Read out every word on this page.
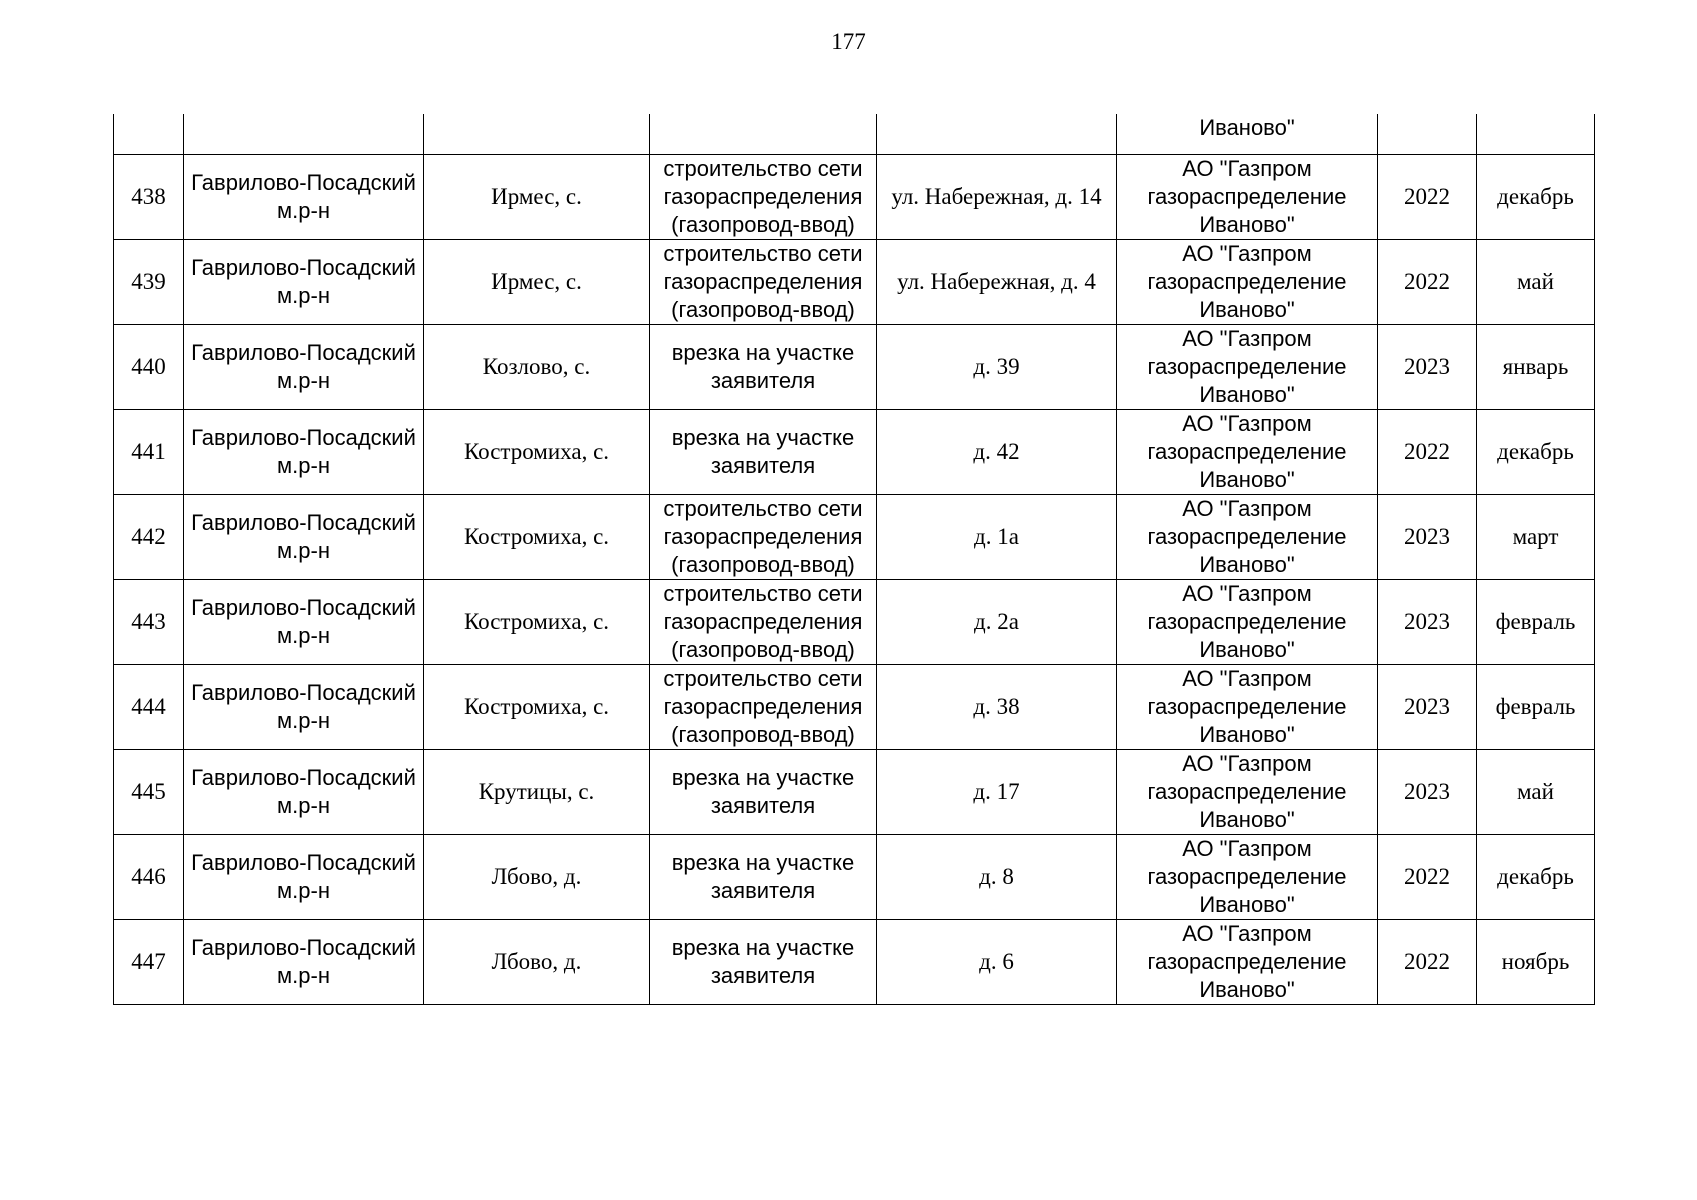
177

					Иваново"		

438	Гаврилово-Посадский м.р-н	Ирмес, с.	строительство сети газораспределения (газопровод-ввод)	ул. Набережная, д. 14	АО "Газпром газораспределение Иваново"	2022	декабрь
439	Гаврилово-Посадский м.р-н	Ирмес, с.	строительство сети газораспределения (газопровод-ввод)	ул. Набережная, д. 4	АО "Газпром газораспределение Иваново"	2022	май
440	Гаврилово-Посадский м.р-н	Козлово, с.	врезка на участке заявителя	д. 39	АО "Газпром газораспределение Иваново"	2023	январь
441	Гаврилово-Посадский м.р-н	Костромиха, с.	врезка на участке заявителя	д. 42	АО "Газпром газораспределение Иваново"	2022	декабрь
442	Гаврилово-Посадский м.р-н	Костромиха, с.	строительство сети газораспределения (газопровод-ввод)	д. 1а	АО "Газпром газораспределение Иваново"	2023	март
443	Гаврилово-Посадский м.р-н	Костромиха, с.	строительство сети газораспределения (газопровод-ввод)	д. 2а	АО "Газпром газораспределение Иваново"	2023	февраль
444	Гаврилово-Посадский м.р-н	Костромиха, с.	строительство сети газораспределения (газопровод-ввод)	д. 38	АО "Газпром газораспределение Иваново"	2023	февраль
445	Гаврилово-Посадский м.р-н	Крутицы, с.	врезка на участке заявителя	д. 17	АО "Газпром газораспределение Иваново"	2023	май
446	Гаврилово-Посадский м.р-н	Лбово, д.	врезка на участке заявителя	д. 8	АО "Газпром газораспределение Иваново"	2022	декабрь
447	Гаврилово-Посадский м.р-н	Лбово, д.	врезка на участке заявителя	д. 6	АО "Газпром газораспределение Иваново"	2022	ноябрь
